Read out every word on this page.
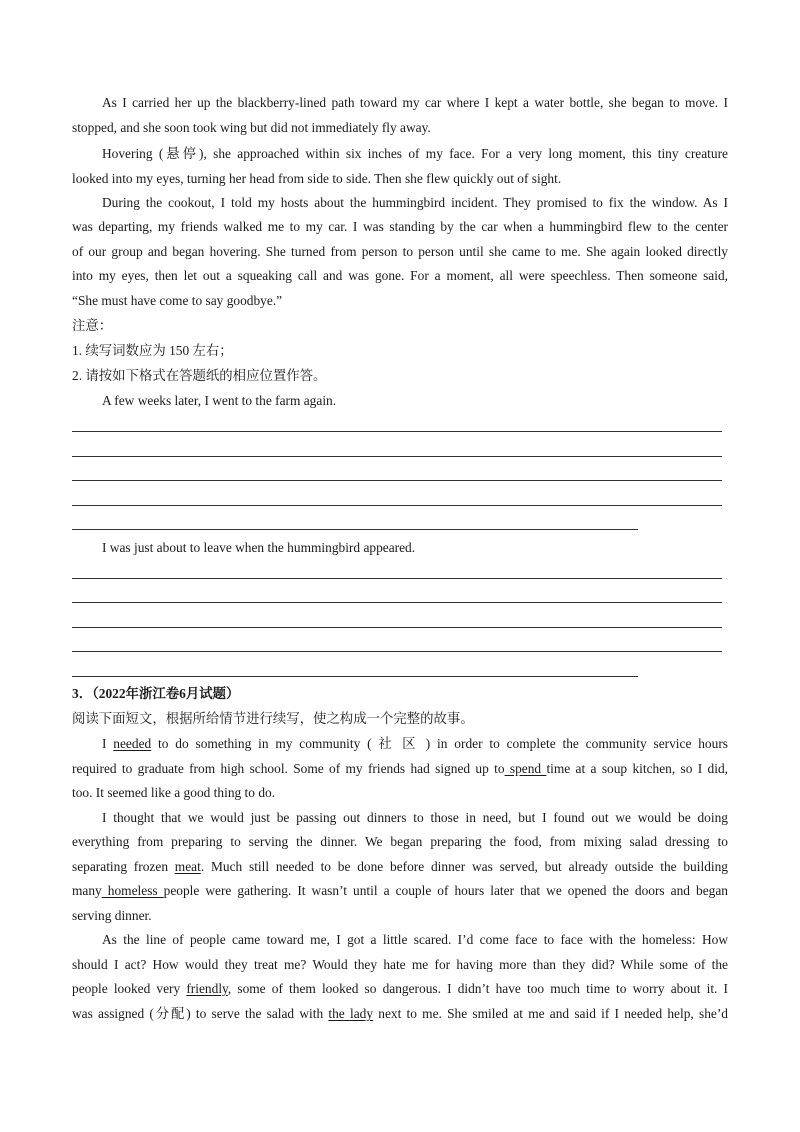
As I carried her up the blackberry-lined path toward my car where I kept a water bottle, she began to move. I
stopped, and she soon took wing but did not immediately fly away.
Hovering (悬停), she approached within six inches of my face. For a very long moment, this tiny creature
looked into my eyes, turning her head from side to side. Then she flew quickly out of sight.
During the cookout, I told my hosts about the hummingbird incident. They promised to fix the window. As I
was departing, my friends walked me to my car. I was standing by the car when a hummingbird flew to the center
of our group and began hovering. She turned from person to person until she came to me. She again looked directly
into my eyes, then let out a squeaking call and was gone. For a moment, all were speechless. Then someone said,
“She must have come to say goodbye.”
注意：
1. 续写词数应为 150 左右；
2. 请按如下格式在答题纸的相应位置作答。
A few weeks later, I went to the farm again.
I was just about to leave when the hummingbird appeared.
3．（2022年浙江卷6月试题）
阅读下面短文，根据所给情节进行续写，使之构成一个完整的故事。
I needed to do something in my community ( 社 区 ) in order to complete the community service hours
required to graduate from high school. Some of my friends had signed up to spend time at a soup kitchen, so I did,
too. It seemed like a good thing to do.
I thought that we would just be passing out dinners to those in need, but I found out we would be doing
everything from preparing to serving the dinner. We began preparing the food, from mixing salad dressing to
separating frozen meat. Much still needed to be done before dinner was served, but already outside the building
many homeless people were gathering. It wasn’t until a couple of hours later that we opened the doors and began
serving dinner.
As the line of people came toward me, I got a little scared. I’d come face to face with the homeless: How
should I act? How would they treat me? Would they hate me for having more than they did? While some of the
people looked very friendly, some of them looked so dangerous. I didn’t have too much time to worry about it. I
was assigned (分配) to serve the salad with the lady next to me. She smiled at me and said if I needed help, she’d
